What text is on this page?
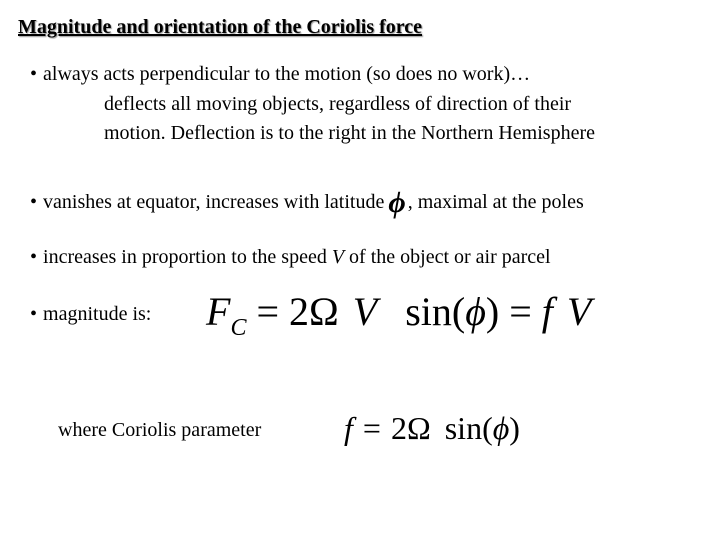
Magnitude and orientation of the Coriolis force
• always acts perpendicular to the motion (so does no work)…
deflects all moving objects, regardless of direction of their
motion. Deflection is to the right in the Northern Hemisphere
• vanishes at equator, increases with latitude ϕ , maximal at the poles
• increases in proportion to the speed V of the object or air parcel
• magnitude is: $F_C = 2\Omega$ V sin(ϕ) = f V
where Coriolis parameter	f = 2Ω sin(ϕ)
